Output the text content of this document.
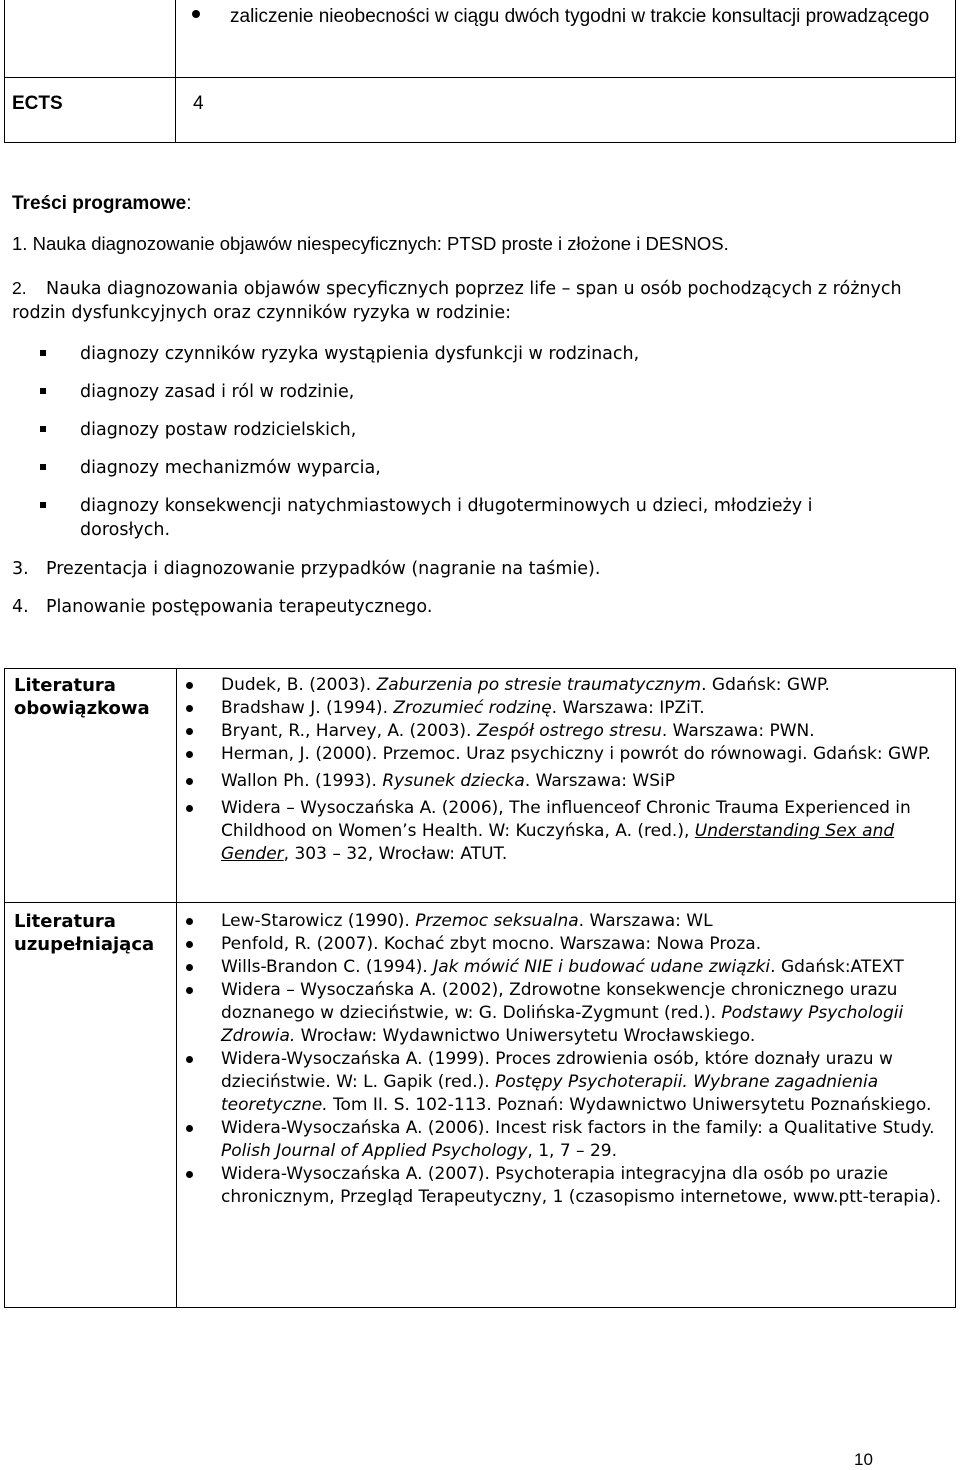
zaliczenie nieobecności w ciągu dwóch tygodni w trakcie konsultacji prowadzącego
ECTS	4
Treści programowe:
1. Nauka diagnozowanie objawów niespecyficznych: PTSD proste i złożone i DESNOS.
2. Nauka diagnozowania objawów specyficznych poprzez life – span u osób pochodzących z różnych rodzin dysfunkcyjnych oraz czynników ryzyka w rodzinie:
diagnozy czynników ryzyka wystąpienia dysfunkcji w rodzinach,
diagnozy zasad i ról w rodzinie,
diagnozy postaw rodzicielskich,
diagnozy mechanizmów wyparcia,
diagnozy konsekwencji natychmiastowych i długoterminowych u dzieci, młodzieży i dorosłych.
3. Prezentacja i diagnozowanie przypadków (nagranie na taśmie).
4. Planowanie postępowania terapeutycznego.
Literatura
obowiązkowa
Dudek, B. (2003). Zaburzenia po stresie traumatycznym. Gdańsk: GWP.
Bradshaw J. (1994). Zrozumieć rodzinę. Warszawa: IPZiT.
Bryant, R., Harvey, A. (2003). Zespół ostrego stresu. Warszawa: PWN.
Herman, J. (2000). Przemoc. Uraz psychiczny i powrót do równowagi. Gdańsk: GWP.
Wallon Ph. (1993). Rysunek dziecka. Warszawa: WSiP
Widera – Wysoczańska A. (2006), The influenceof Chronic Trauma Experienced in Childhood on Women’s Health. W: Kuczyńska, A. (red.), Understanding Sex and Gender, 303 – 32, Wrocław: ATUT.
Literatura
uzupełniająca
Lew-Starowicz (1990). Przemoc seksualna. Warszawa: WL
Penfold, R. (2007). Kochać zbyt mocno. Warszawa: Nowa Proza.
Wills-Brandon C. (1994). Jak mówić NIE i budować udane związki. Gdańsk:ATEXT
Widera – Wysoczańska A. (2002), Zdrowotne konsekwencje chronicznego urazu doznanego w dzieciństwie, w: G. Dolińska-Zygmunt (red.). Podstawy Psychologii Zdrowia. Wrocław: Wydawnictwo Uniwersytetu Wrocławskiego.
Widera-Wysoczańska A. (1999). Proces zdrowienia osób, które doznały urazu w dzieciństwie. W: L. Gapik (red.). Postępy Psychoterapii. Wybrane zagadnienia teoretyczne. Tom II. S. 102-113. Poznań: Wydawnictwo Uniwersytetu Poznańskiego.
Widera-Wysoczańska A. (2006). Incest risk factors in the family: a Qualitative Study. Polish Journal of Applied Psychology, 1, 7 – 29.
Widera-Wysoczańska A. (2007). Psychoterapia integracyjna dla osób po urazie chronicznym, Przegląd Terapeutyczny, 1 (czasopismo internetowe, www.ptt-terapia).
10
